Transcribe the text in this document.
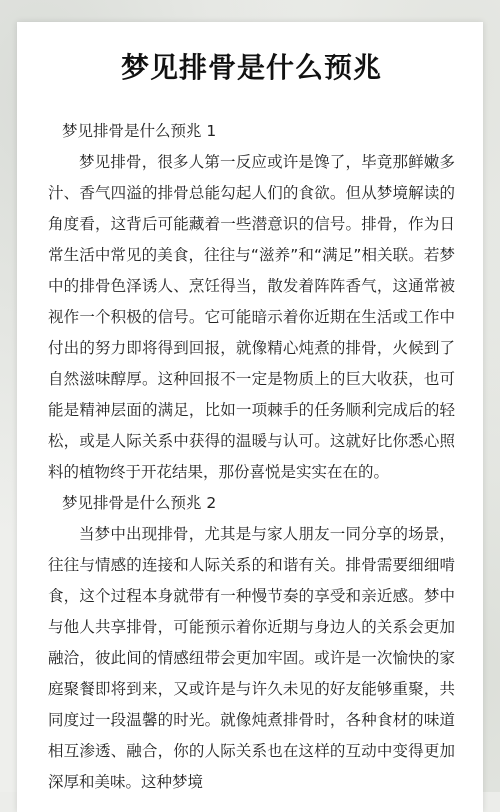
梦见排骨是什么预兆

梦见排骨是什么预兆 1

梦见排骨，很多人第一反应或许是馋了，毕竟那鲜嫩多汁、香气四溢的排骨总能勾起人们的食欲。但从梦境解读的角度看，这背后可能藏着一些潜意识的信号。排骨，作为日常生活中常见的美食，往往与“滋养”和“满足”相关联。若梦中的排骨色泽诱人、烹饪得当，散发着阵阵香气，这通常被视作一个积极的信号。它可能暗示着你近期在生活或工作中付出的努力即将得到回报，就像精心炖煮的排骨，火候到了自然滋味醇厚。这种回报不一定是物质上的巨大收获，也可能是精神层面的满足，比如一项棘手的任务顺利完成后的轻松，或是人际关系中获得的温暖与认可。这就好比你悉心照料的植物终于开花结果，那份喜悦是实实在在的。

梦见排骨是什么预兆 2

当梦中出现排骨，尤其是与家人朋友一同分享的场景，往往与情感的连接和人际关系的和谐有关。排骨需要细细啃食，这个过程本身就带有一种慢节奏的享受和亲近感。梦中与他人共享排骨，可能预示着你近期与身边人的关系会更加融洽，彼此间的情感纽带会更加牢固。或许是一次愉快的家庭聚餐即将到来，又或许是与许久未见的好友能够重聚，共同度过一段温馨的时光。就像炖煮排骨时，各种食材的味道相互渗透、融合，你的人际关系也在这样的互动中变得更加深厚和美味。这种梦境
